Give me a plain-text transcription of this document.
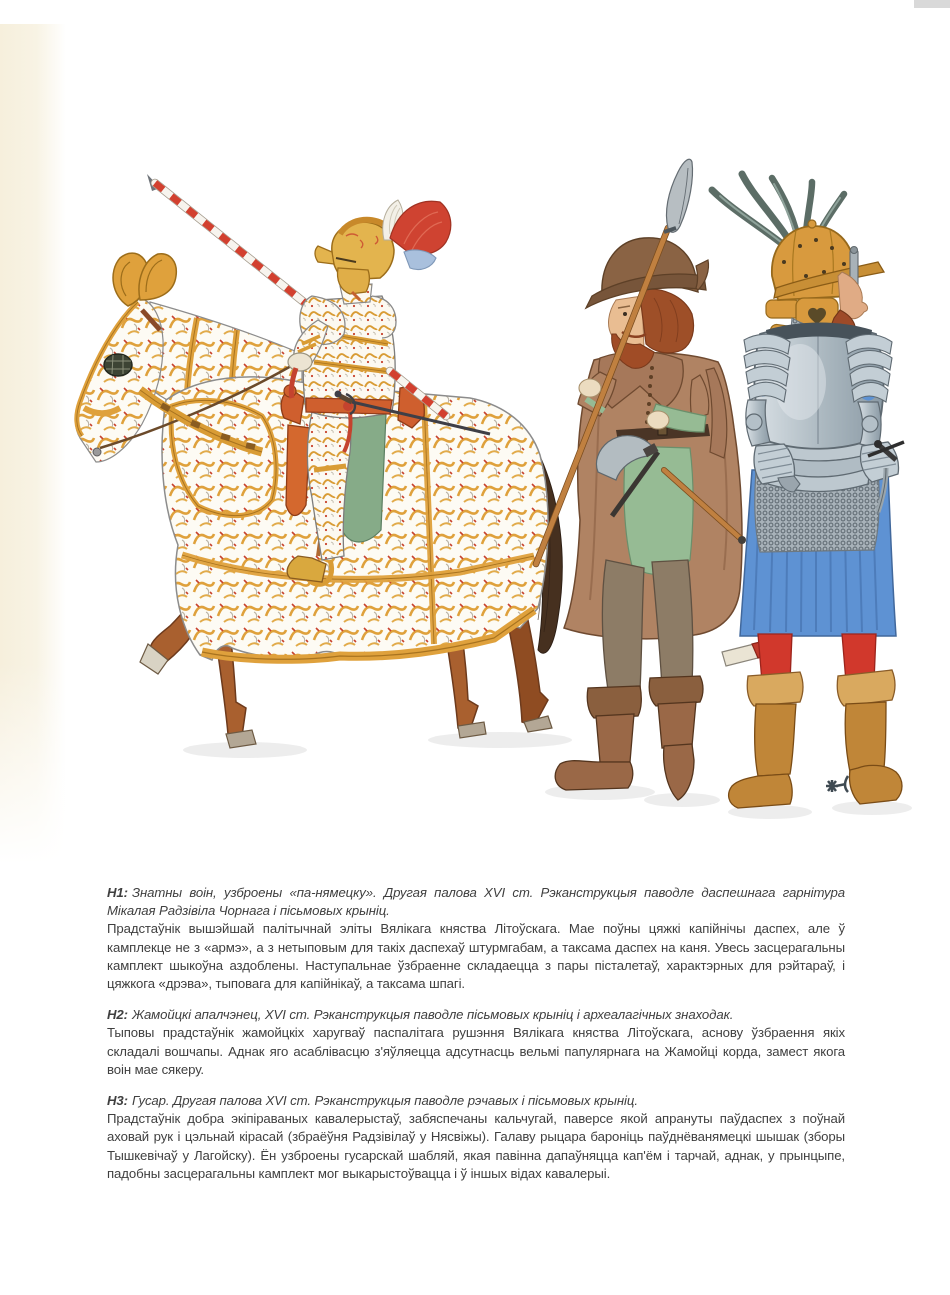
Н1: Знатны воін, узброены «па-нямецку». Другая палова XVI ст. Рэканструкцыя паводле даспешнага гарнітура Мікалая Радзівіла Чорнага і пісьмовых крыніц.

Прадстаўнік вышэйшай палітычнай эліты Вялікага княства Літоўскага. Мае поўны цяжкі капійнічы даспех, але ў камплекце не з «армэ», а з нетыповым для такіх даспехаў штурмгабам, а таксама даспех на каня. Увесь засцерагальны камплект шыкоўна аздоблены. Наступальнае ўзбраенне складаецца з пары пісталетаў, характэрных для рэйтараў, і цяжкога «дрэва», тыповага для капійнікаў, а таксама шпагі.

Н2: Жамойцкі апалчэнец, XVI ст. Рэканструкцыя паводле пісьмовых крыніц і археалагічных знаходак.

Тыповы прадстаўнік жамойцкіх харугваў паспалітага рушэння Вялікага княства Літоўскага, аснову ўзбраення якіх складалі вошчапы. Аднак яго асаблівасцю з'яўляецца адсутнасць вельмі папулярнага на Жамойці корда, замест якога воін мае сякеру.

Н3: Гусар. Другая палова XVI ст. Рэканструкцыя паводле рэчавых і пісьмовых крыніц.

Прадстаўнік добра экіпіраваных кавалерыстаў, забяспечаны кальчугай, паверсе якой апрануты паўдаспех з поўнай аховай рук і цэльнай кірасай (збраёўня Радзівілаў у Нясвіжы). Галаву рыцара бароніць паўднёванямецкі шышак (зборы Тышкевічаў у Лагойску). Ён узброены гусарскай шабляй, якая павінна дапаўняцца кап'ём і тарчай, аднак, у прынцыпе, падобны засцерагальны камплект мог выкарыстоўвацца і ў іншых відах кавалерыі.
